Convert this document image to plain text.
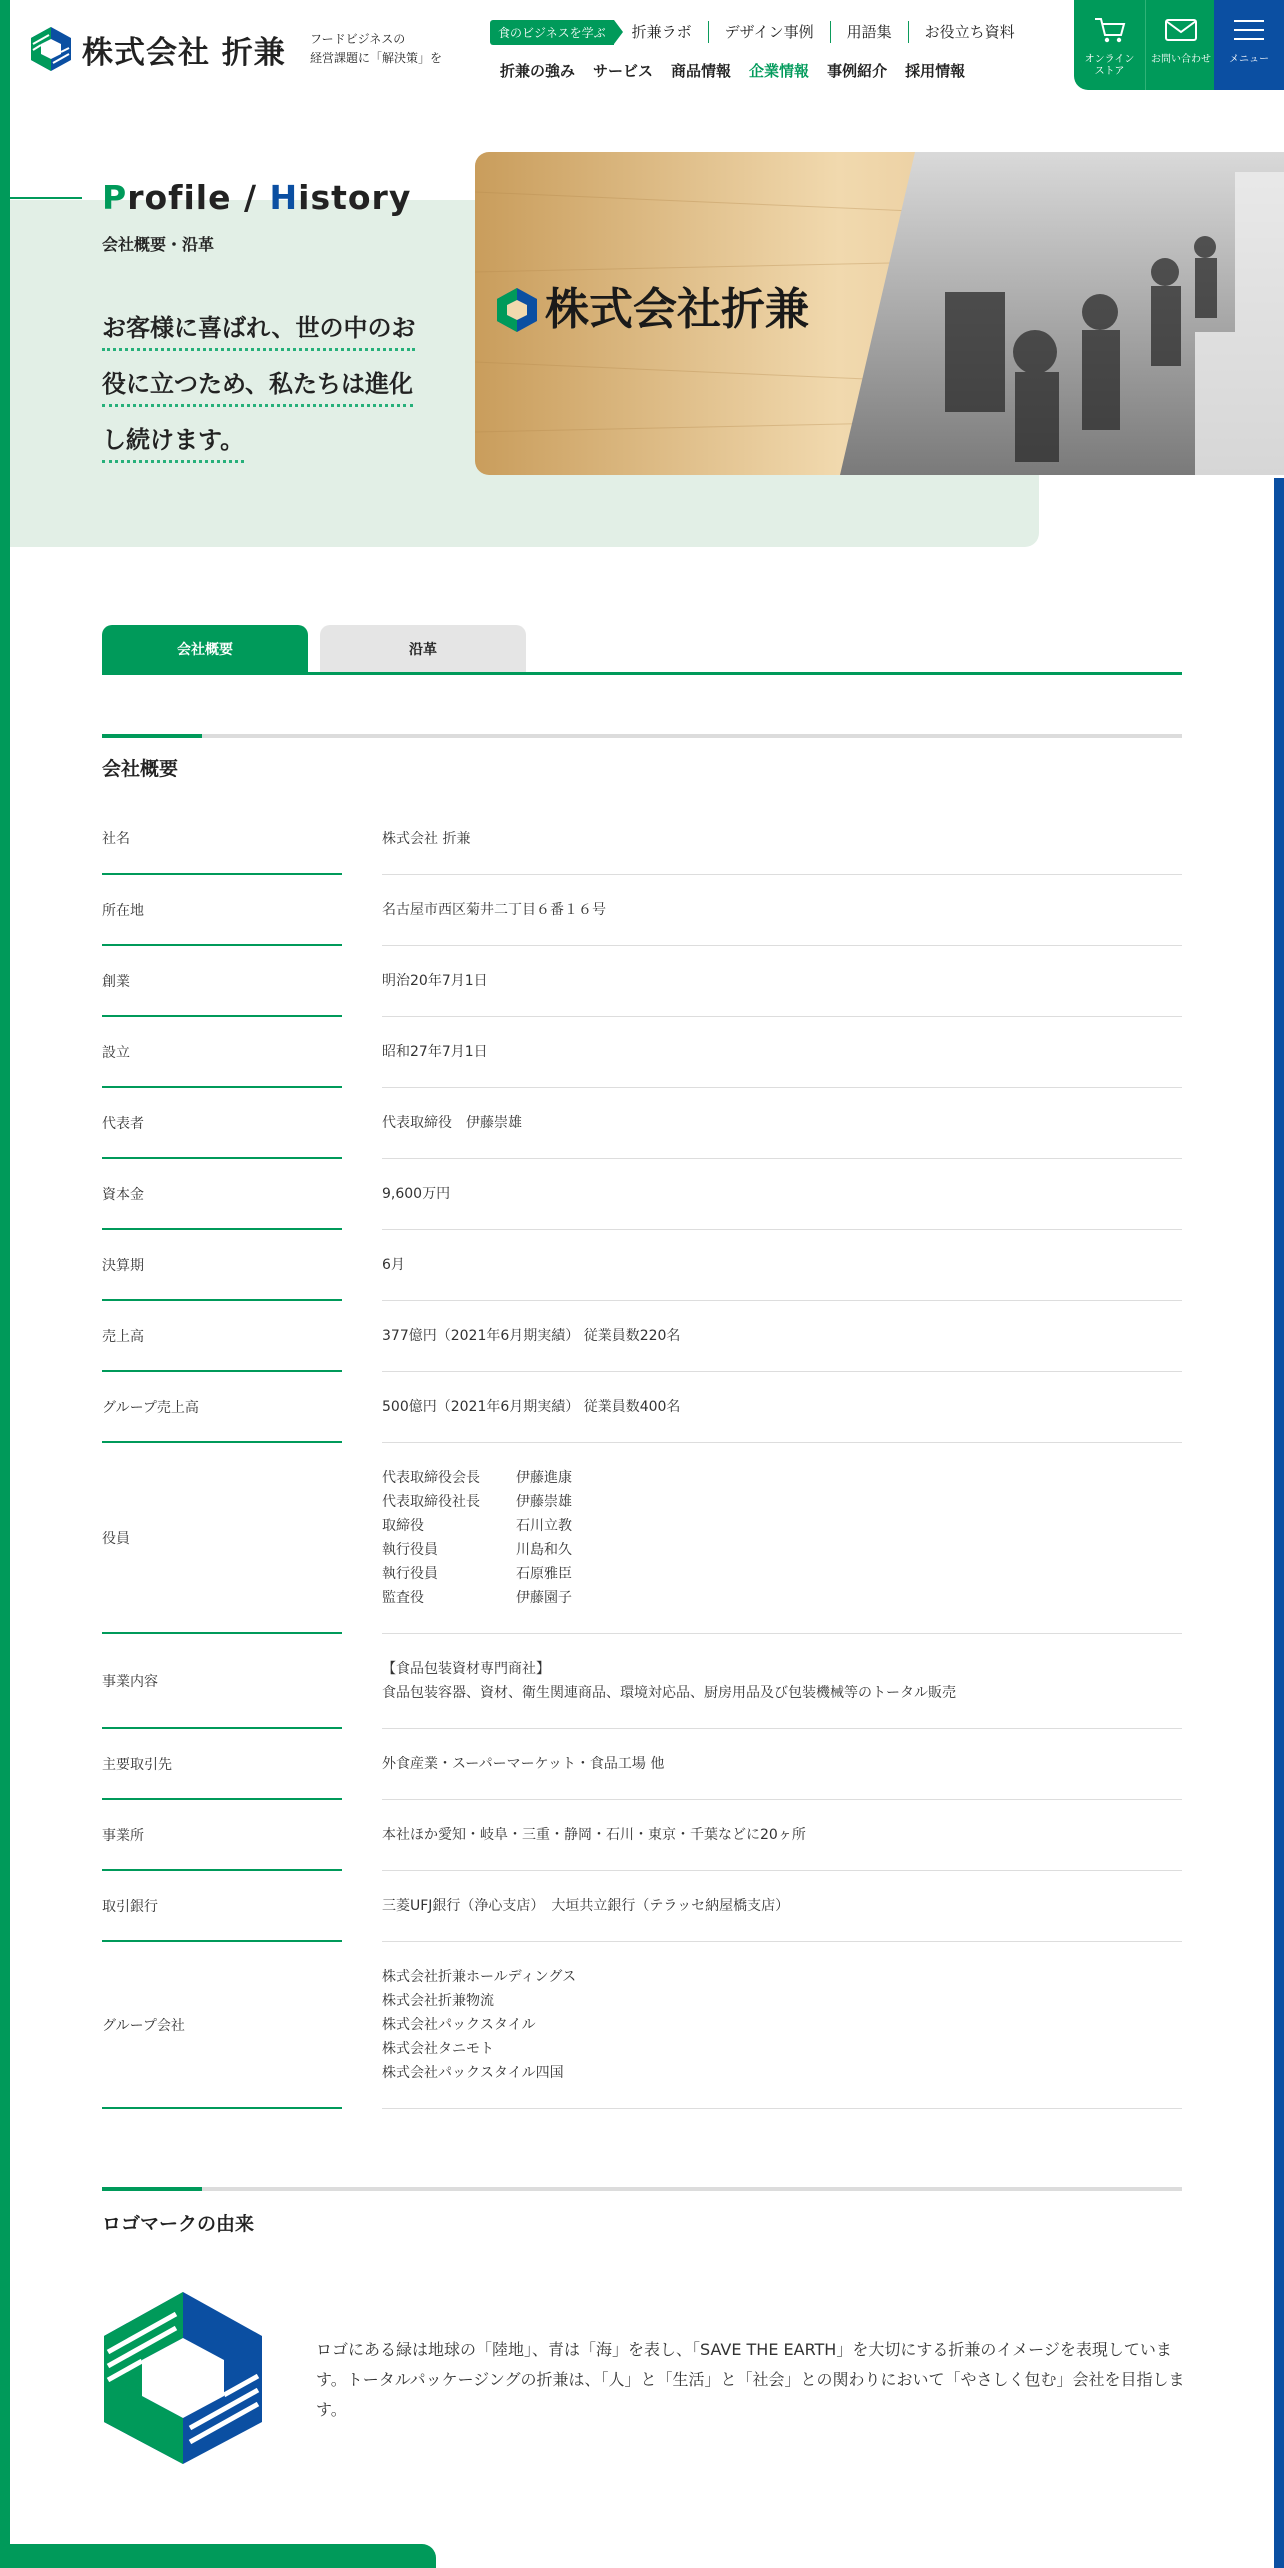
株式会社 折兼 フードビジネスの
経営課題に「解決策」を
食のビジネスを学ぶ	折兼ラボ	デザイン事例	用語集	お役立ち資料
折兼の強み サービス 商品情報 企業情報 事例紹介 採用情報
オンライン
ストア
お問い合わせ	メニュー
Profile / History
会社概要・沿革
お客様に喜ばれ、世の中のお
役に立つため、私たちは進化
し続けます。
株式会社折兼
会社概要	沿革
会社概要
社名	株式会社 折兼
所在地	名古屋市西区菊井二丁目６番１６号
創業	明治20年7月1日
設立	昭和27年7月1日
代表者	代表取締役　伊藤崇雄
資本金	9,600万円
決算期	6月
売上高	377億円（2021年6月期実績） 従業員数220名
グループ売上高	500億円（2021年6月期実績） 従業員数400名
役員
代表取締役会長	伊藤進康
代表取締役社長	伊藤崇雄
取締役	石川立教
執行役員	川島和久
執行役員	石原雅臣
監査役	伊藤園子
事業内容
【食品包装資材専門商社】
食品包装容器、資材、衛生関連商品、環境対応品、厨房用品及び包装機械等のトータル販売
主要取引先	外食産業・スーパーマーケット・食品工場 他
事業所	本社ほか愛知・岐阜・三重・静岡・石川・東京・千葉などに20ヶ所
取引銀行	三菱UFJ銀行（浄心支店）　大垣共立銀行（テラッセ納屋橋支店）
グループ会社
株式会社折兼ホールディングス
株式会社折兼物流
株式会社パックスタイル
株式会社タニモト
株式会社パックスタイル四国
ロゴマークの由来
ロゴにある緑は地球の「陸地」、青は「海」を表し、「SAVE THE EARTH」を大切にする折兼のイメージを表現しています。トータルパッケージングの折兼は、「人」と「生活」と「社会」との関わりにおいて「やさしく包む」会社を目指します。
